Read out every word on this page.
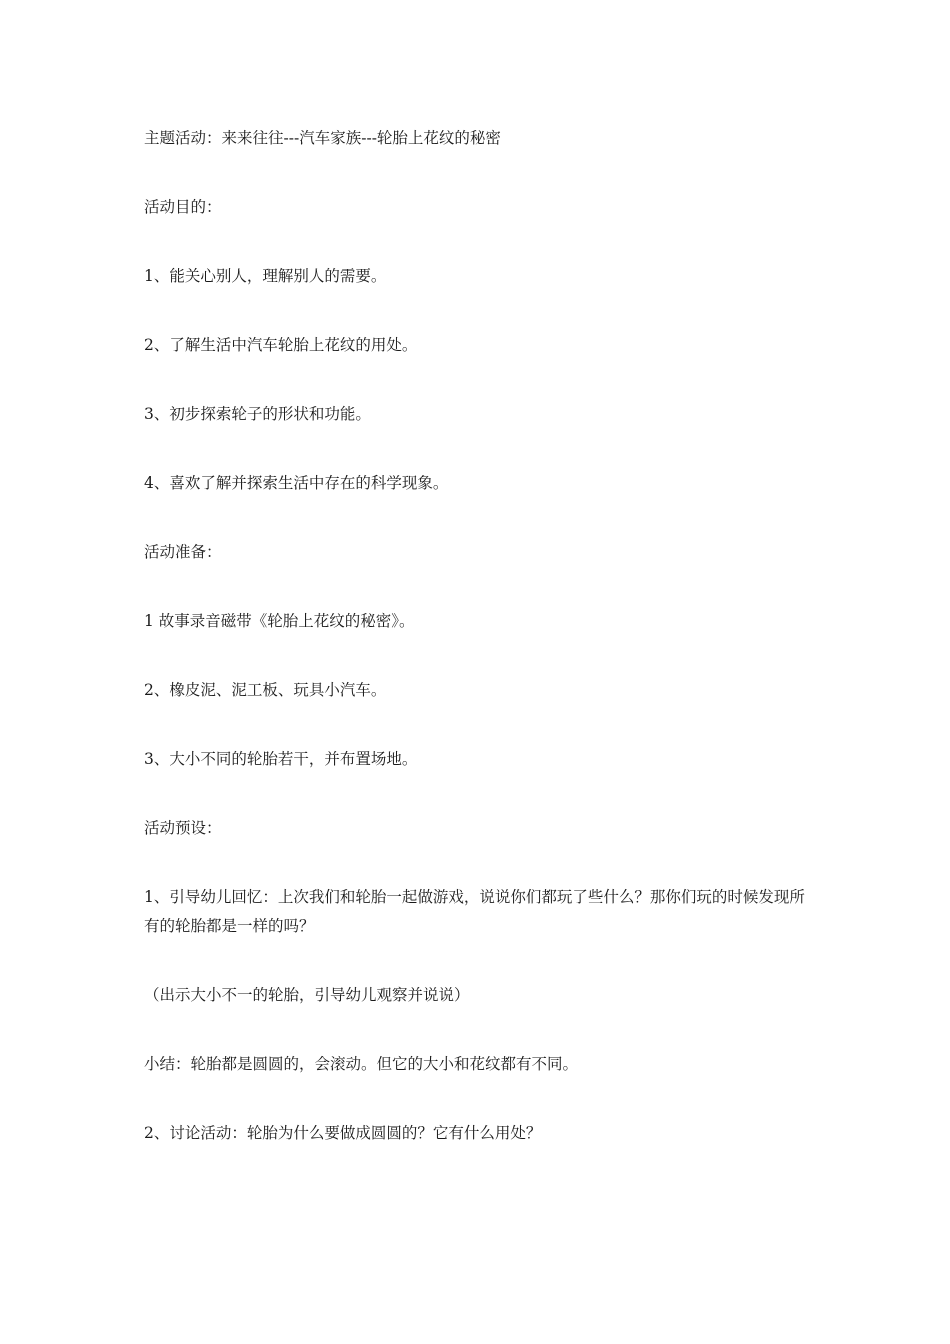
主题活动：来来往往---汽车家族---轮胎上花纹的秘密

活动目的：

1、能关心别人，理解别人的需要。

2、了解生活中汽车轮胎上花纹的用处。

3、初步探索轮子的形状和功能。

4、喜欢了解并探索生活中存在的科学现象。

活动准备：

1 故事录音磁带《轮胎上花纹的秘密》。

2、橡皮泥、泥工板、玩具小汽车。

3、大小不同的轮胎若干，并布置场地。

活动预设：

1、引导幼儿回忆：上次我们和轮胎一起做游戏，说说你们都玩了些什么？那你们玩的时候发现所有的轮胎都是一样的吗？

（出示大小不一的轮胎，引导幼儿观察并说说）

小结：轮胎都是圆圆的，会滚动。但它的大小和花纹都有不同。

2、讨论活动：轮胎为什么要做成圆圆的？它有什么用处？
